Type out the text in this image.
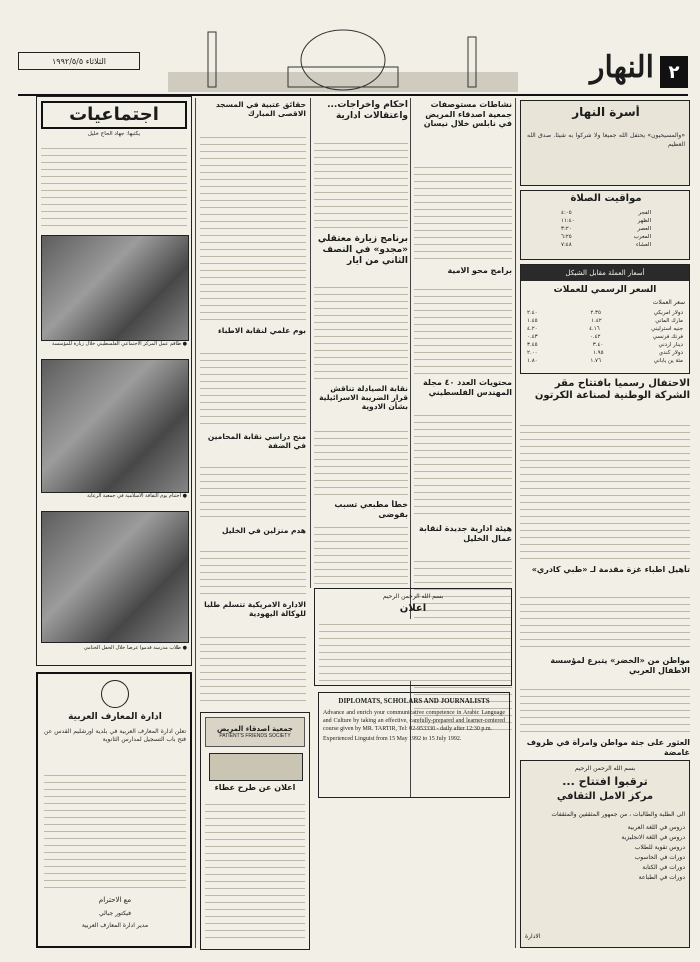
٢
النهار
الثلاثاء ١٩٩٢/٥/٥
أسرة النهار
«والمسيحيون» يحتفل الله جميعا ولا شركوا به شيئا. صدق الله العظيم
مواقيت الصلاة
الفجر
٤:٠٥
الظهر
١١:٤٠
العصر
٣:٢٠
المغرب
٦:٢٥
العشاء
٧:٤٨
أسعار العملة مقابل الشيكل
السعر الرسمي للعملات
سعر العملات
دولار امريكي
٢.٣٥
٢.٤٠
مارك الماني
١.٤٢
١.٤٥
جنيه استرليني
٤.١٦
٤.٢٠
فرنك فرنسي
٠.٤٢
٠.٤٣
دينار اردني
٣.٤٠
٣.٤٥
دولار كندي
١.٩٥
٢.٠٠
مئة ين ياباني
١.٧٦
١.٨٠
الاحتفال رسميا بافتتاح مقر الشركة الوطنية لصناعة الكرتون
تأهيل اطباء غزة مقدمة لـ «طبي كادري»
مواطن من «الخضر» يتبرع لمؤسسة الاطفال العربي
العثور على جثة مواطن وامرأة في ظروف غامضة
بسم الله الرحمن الرحيم
ترقبوا افتتاح ...
مركز الامل الثقافي
الى الطلبة والطالبات ، من جمهور المثقفين والمثقفات
دروس في اللغة العربية
دروس في اللغة الانجليزية
دروس تقوية للطلاب
دورات في الحاسوب
دورات في الكتابة
دورات في الطباعة
الادارة
نشاطات مستوصفات جمعية اصدقاء المريض في نابلس خلال نيسان
برامج محو الامية
محتويات العدد ٤٠ مجلة المهندس الفلسطيني
هيئة ادارية جديدة لنقابة عمال الخليل
احكام واخراجات... واعتقالات ادارية
برنامج زيارة معتقلي «مجدو» في النصف الثاني من ايار
نقابة الصيادلة تناقش قرار الضريبة الاسرائيلية بشأن الادوية
خطأ مطبعي تسبب بفوضى
بسم الله الرحمن الرحيم
اعلان
DIPLOMATS, SCHOLARS AND JOURNALISTS
Advance and enrich your communicative competence in Arabic Language and Culture by taking an effective, carefully-prepared and learner-centered course given by MR. TARTIR, Tel: 02-953330 - daily after 12:30 p.m.
Experienced Linguist from 15 May 1992 to 15 July 1992.
حقائق عتبية في المسجد الاقصى المبارك
بوم علمي لنقابة الاطباء
منح دراسي نقابة المحامين في الضفة
هدم منزلين في الخليل
الادارة الامريكية تتسلم طلبا للوكالة اليهودية
جمعية اصدقاء المريض
PATIENT'S FRIENDS SOCIETY
اعلان عن طرح عطاء
اجتماعيات
يكتبها: جهاد الحاج خليل
● طاقم عمل المركز الاجتماعي الفلسطيني خلال زيارة للمؤسسة
● اختتام يوم الثقافة الاسلامية في جمعية الرعاية
● طلاب مدرسة قدموا عرضا خلال الحفل الختامي
ادارة المعارف العربية
تعلن ادارة المعارف العربية في بلدية اورشليم القدس عن فتح باب التسجيل لمدارس الثانوية
مع الاحترام
فيكتور جبالي
مدير ادارة المعارف العربية
